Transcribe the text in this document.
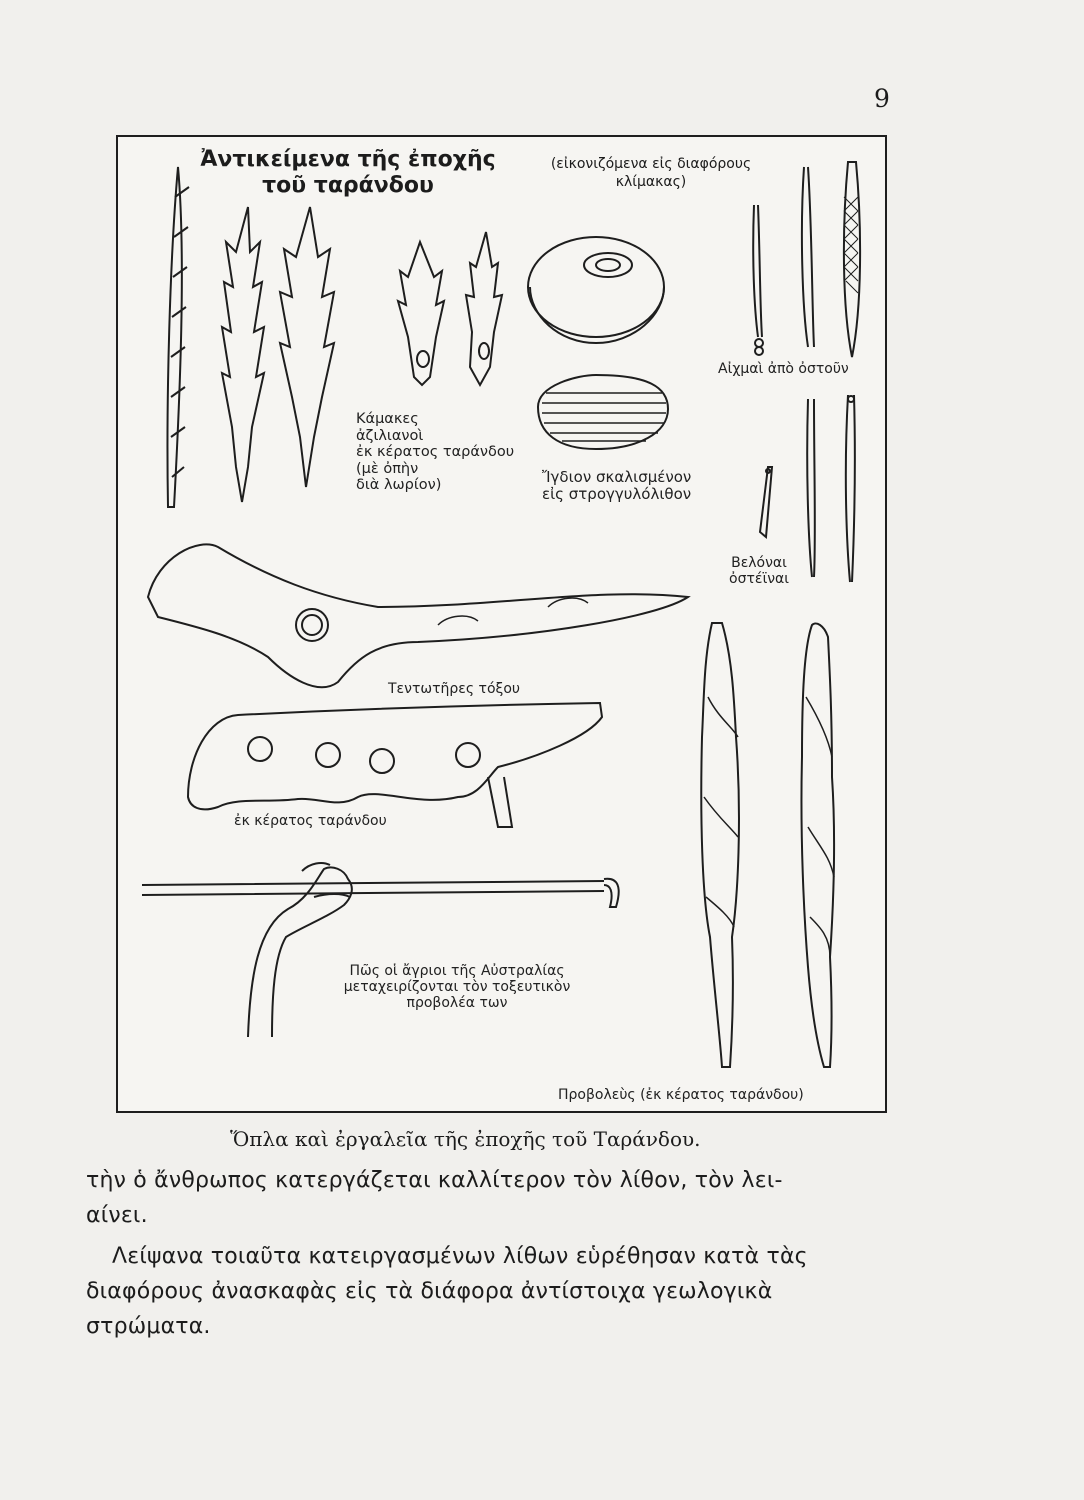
9
Ἀντικείμενα τῆς ἐποχῆς
τοῦ ταράνδου
(εἰκονιζόμενα εἰς διαφόρους
κλίμακας)
Αἰχμαὶ ἀπὸ ὀστοῦν
Κάμακες
ἀζιλιανοὶ
ἐκ κέρατος ταράνδου
(μὲ ὀπὴν
διὰ λωρίον)	Ἴγδιον σκαλισμένον
εἰς στρογγυλόλιθον
Βελόναι
ὀστέϊναι
Τεντωτῆρες τόξου
ἐκ κέρατος ταράνδου
Πῶς οἱ ἄγριοι τῆς Αὐστραλίας
μεταχειρίζονται τὸν τοξευτικὸν
προβολέα των
Προβολεὺς (ἐκ κέρατος ταράνδου)
Ὅπλα καὶ ἐργαλεῖα τῆς ἐποχῆς τοῦ Ταράνδου.

τὴν ὁ ἄνθρωπος κατεργάζεται καλλίτερον τὸν λίθον, τὸν λει-

αίνει.

Λείψανα τοιαῦτα κατειργασμένων λίθων εὑρέθησαν κατὰ τὰς

διαφόρους ἀνασκαφὰς εἰς τὰ διάφορα ἀντίστοιχα γεωλογικὰ

στρώματα.
